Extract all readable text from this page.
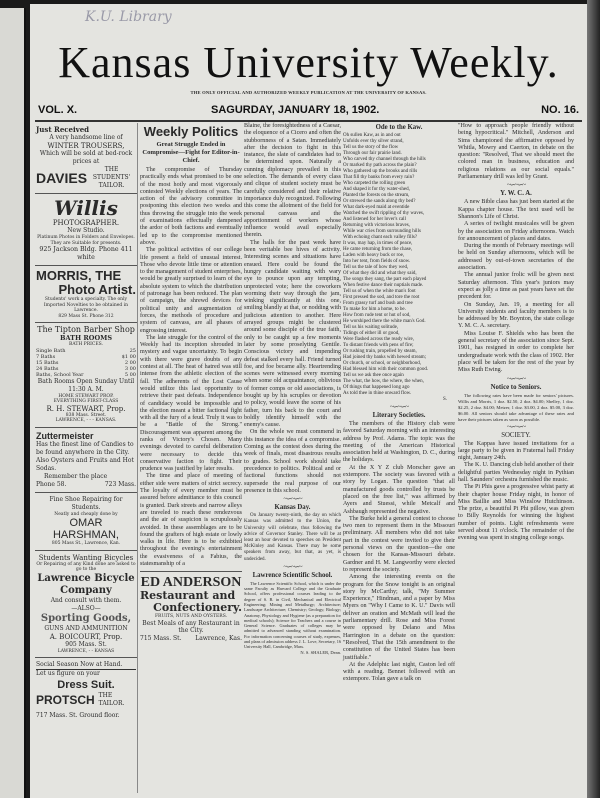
K.U. Library
Kansas University Weekly.
THE ONLY OFFICIAL AND AUTHORIZED WEEKLY PUBLICATION AT THE UNIVERSITY OF KANSAS.
VOL. X.	SAGURDAY, JANUARY 18, 1902.	NO. 16.
Just Received
A very handsome line of
WINTER TROUSERS,
Which will be sold at bed-rock prices at
DAVIES
THE STUDENTS' TAILOR.
Willis
PHOTOGRAPHER.
New Studio.
Platinum Photos in Folders and Envelopes. They are Suitable for presents.
925 Jackson Bldg. Phone 411 white
MORRIS, THE
Photo Artist.
Students' work a specialty. The only Imported Novelties to be obtained in Lawrence.
829 Mass St. Phone 312
The Tipton Barber Shop
BATH ROOMS
BATH PRICES.
Single Bath	25
7 Baths	$1 00
15 Baths	2 00
24 Baths	3 00
Baths, School Year	5 00
Bath Rooms Open Sunday Until 11:30 A. M.
HOME STEWART PROP.
EVERYTHING FIRST-CLASS
R. H. STEWART, Prop.
838 Mass. Street.
LAWRENCE, - - - KANSAS.
Zuttermeister
Has the finest line of Candies to be found anywhere in the City.
Also Oysters and Fruits and Hot Sodas.
Remember the place
Phone 58.	723 Mass.
Fine Shoe Repairing for Students.
Neatly and cheaply done by
OMAR HARSHMAN,
805 Mass St., Lawrence, Kan.
Students Wanting Bicycles
Or Repairing of any Kind done are asked to go to the
Lawrence Bicycle Company
And consult with them.
—ALSO—
Sporting Goods,
GUNS AND AMMUNITION
A. BOICOURT, Prop.
905 Mass. St.
LAWRENCE, - - KANSAS
Social Season Now at Hand.
Let us figure on your
Dress Suit.
PROTSCH THE TAILOR.
717 Mass. St. Ground floor.
Weekly Politics
Great Struggle Ended in Compromise—Fight for Editor-in-Chief.

The compromise of Thursday practically ends what promised to be one of the most hotly and most vigorously contested Weekly elections of years. The action of the advisory committee in postponing this election two weeks and thus throwing the struggle into the week of examinations effectually dampened the ardor of both factions and eventually led up to the compromise mentioned above.

The political activities of our college life present a field of unusual interest. Those who devote little time or attention to the management of student enterprises, would be greatly surprised to learn of the absolute system to which the distribution of patronage has been reduced. The plan of campaign, the shrewd devices for political unity and augmentation of forces, the methods of procedure and system of canvass, are all phases of engrossing interest.

The late struggle for the control of the Weekly had its inception shrouded in mystery and vague uncertainty. To begin with there were grave doubts of any contest at all. The heat of hatred was still intense from the athletic election of the fall. The adherents of the Lost Cause would utilize this last opportunity to retrieve their past defeats. Independence of candidacy would be impossible and the election meant a bitter factional fight with all the fury of a feud. Truly it was to be a "Battle of the Strong." Discouragement was apparent among the ranks of Victory's Chosen. Many evenings devoted to careful deliberation were necessary to decide this conservative faction to fight. Their prudence was justified by later results.

The time and place of meeting of either side were matters of strict secrecy. The loyalty of every member must be assured before admittance to this council is granted. Dark streets and narrow alleys are traveled to reach these rendezvous and the air of suspicion is scrupulously avoided. In these assemblages are to be found the grafters of high estate or lowly walks in life. Here is to be exhibited throughout the evening's entertainment the evasiveness of a Fabius, the statesmanship of a

ED ANDERSON
Restaurant and
Confectionery.
FRUITS, NUTS AND OYSTERS.
Best Meals of any Restaurant in the City.
715 Mass. St. Lawrence, Kas.

Blaine, the foresightedness of a Caesar, the eloquence of a Cicero and often the stubbornness of a Satan. Immediately after the decision to fight in this instance, the slate of candidates had to be determined upon. Naturally a cunning diplomacy prevailed in this selection. The demands of every class and clique of student society must be carefully considered and their relative importance duly recognized. Following this come the allotment of the field for personal canvass and the apportionment of workers whose influence would avail especially therein.

The halls for the past week have been veritable bee hives of activity. Interesting scenes and situations have ensued. Here could be found the hungry candidate waiting with wary eye to pounce upon any tempting, unprotected vote; here the coworkers worming their way through the jam, winking significantly at this one, smiling blandly at that, or nodding with judicious attention to another. Here arrayed groups might be clustered around some disciple of the true faith, only to be caught up a few moments later by some proselyting Gentile. Conscious victory and impending defeat stalked every hall. Friend turned foe, and foe became ally. Heartrending scenes were witnessed every morning when some old acquaintance, oblivious of former comps or old associations, is bought up by his scruples or devotion to policy, would leave the scene of his father, turn his back to the court and boldly identify himself with the enemy's cause.

On the whole we must commend in this instance the idea of a compromise. Coming as the contest does during the week of finals, most disastrous results to grades. School work should take precedence to politics. Political and or factional functions should not supersede the real purpose of our presence in this school.

~∽~∽~
Kansas Day.

On January twenty-ninth, the day on which Kansas was admitted to the Union, the University will celebrate, thus following the advice of Governor Stanley. There will be at least an hour devoted to speeches on President McKinley and Kansas. There may be some speakers from away, but that, as yet, is undecided.

~∽~∽~
Lawrence Scientific School.

The Lawrence Scientific School, which is under the same Faculty as Harvard College and the Graduate School, offers professional courses leading to the degree of S. B. in Civil, Mechanical and Electrical Engineering; Mining and Metallurgy; Architecture; Landscape Architecture; Chemistry; Geology; Biology; Anatomy, Physiology and Hygiene (as a preparation for medical schools); Science for Teachers and a course in General Science. Graduates of colleges may be admitted to advanced standing without examination. For information concerning courses of study, expenses, and plans of admission address J. L. Love, Secretary, 16 University Hall, Cambridge, Mass.

N. S. SHALER, Dean.
Ode to the Kaw.
Oh sullen Kaw, as in and out
Unfolds ever thy silver strand,
Tell us the story of the flow
Through our fair prairie land.
Who carved thy channel through the hills
Or marked thy path across the plain?
Who gathered up the brooks and rills
That fill thy banks from every rain?
Who carpeted the rolling green
And shaped it for thy water-shed,
Planted the forests on the stream,
Or strewed the sands along thy bed?
What dark-eyed maid at eventide
Watched the swift rippling of thy waves,
And listened for her lover's call
Returning with victorious braves,
While war cries from surrounding hills
With echoing chant each valley fills?
It was, may hap, in times of peace,
He came returning from the chase,
Laden with heavy buck or roe,
Into her tent, from fields of snow.
Tell us the tale of how they wed,
Of what they did and what they said,
The songs they sang, the part each played
When festive dance their nuptials made.
Tell us of when the white man's foot
First pressed the sod, and tore the root
From grassy turf and bush and tree
To make for him a home, to be.
How from rude tent or hut of sod,
He worshiped there the white man's God.
Tell us his waiting solitude,
Tidings of either ill or good,
Were flashed across the ready wire,
To distant friends with pens of fire;
Or rushing train, propelled by steam,
Had joined thy banks with hewed stream;
Or church, or school, or neighborhood,
Had blessed him with their common good.
Tell us we ask thee once again
The what, the how, the where, the when,
Of things that happened long ago
As told thee in thine onward flow.
S.
~∽~∽~
Literary Societies.

The members of the History club were favored Saturday morning with an interesting address by Prof. Adams. The topic was the meeting of the American Historical association held at Washington, D. C., during the holidays.

At the X Y Z club Morscher gave an extempore. The society was favored with a story by Logan. The question "that all manufactured goods controlled by trusts be placed on the free list," was affirmed by Ayers and Stuessi, while Metcalf and Ashbaugh represented the negative.

The Burke held a general contest to choose two men to represent them in the Missouri preliminary. All members who did not take part in the contest were invited to give their personal views on the question—the one chosen for the Kansas-Missouri debate. Gardner and H. M. Langworthy were elected to represent the society.

Among the interesting events on the program for the Snow tonight is an original story by McCarthy; talk, "My Summer Experience," Hindman, and a paper by Miss Myers on "Why I Came to K. U." Davis will deliver an oration and McMath will lead the parliamentary drill. Rose and Miss Forest were opposed by Delano and Miss Harrington in a debate on the question: "Resolved, That the 15th amendment to the constitution of the United States has been justifiable."

At the Adelphic last night, Caston led off with a reading. Bennet followed with an extempore. Tolan gave a talk on

"How to approach people friendly without being hypocritical." Mitchell, Anderson and Sims championed the affirmative opposed by Whitla, Mowry and Caerton, in debate on the question: "Resolved, That we should meet the colored man in business, education and religious relations as our social equals." Parliamentary drill was led by Grant.

~∽~∽~
Y. W. C. A.

A new Bible class has just been started at the Kappa chapter house. The text used will be Shannon's Life of Christ.

A series of twilight musicales will be given by the association on Friday afternoons. Watch for announcement of places and dates.

During the month of February meetings will be held on Sunday afternoons, which will be addressed by out-of-town secretaries of the association.

The annual junior frolic will be given next Saturday afternoon. This year's juniors may expect as jolly a time as past years have set the precedent for.

On Sunday, Jan. 19, a meeting for all University students and faculty members is to be addressed by Mr. Boynton, the state college Y. M. C. A. secretary.

Miss Louise F. Shields who has been the general secretary of the association since Sept. 1901, has resigned in order to complete her undergraduate work with the class of 1902. Her place will be taken for the rest of the year by Miss Ruth Ewing.

~∽~∽~
Notice to Seniors.

The following rates have been made for seniors' pictures. Willis and Morris, 1 doz. $2.50, 2 doz. $4.00; Shelley, 1 doz. $2.25, 2 doz. $4.00; Metzer, 1 doz. $3.00, 2 doz. $5.00, 3 doz. $6.00. All seniors should take advantage of these rates and have their pictures taken as soon as possible.

~∽~∽~
SOCIETY.

The Kappas have issued invitations for a large party to be given in Fraternal hall Friday night, January 24th.

The K. U. Dancing club held another of their delightful parties Wednesday night in Pythian hall. Saunders' orchestra furnished the music.

The Pi Phis gave a progressive whist party at their chapter house Friday night, in honor of Miss Baillie and Miss Winslow Hutchinson. The prize, a beautiful Pi Phi pillow, was given to Billy Reynolds for winning the highest number of points. Light refreshments were served about 11 o'clock. The remainder of the evening was spent in singing college songs.
